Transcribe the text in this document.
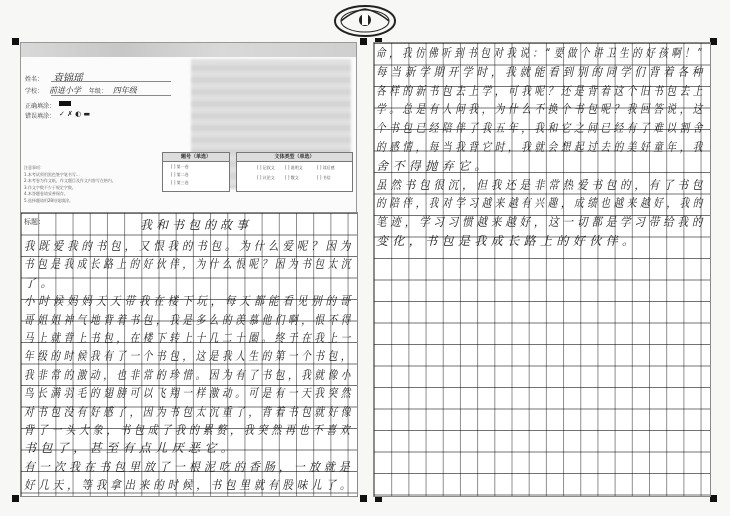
姓名： 袁锦瑶
学校： 前进小学 年级： 四年级
正确填涂：
错误填涂： ✓ ✗ ◐ ▬
注意事项：
1.本考试须用黑色签字笔书写...
2.本考卷为作文纸，作文题目及作文内容写在格内。
3.作文字数不少于规定字数。
4.本答题卷请妥善保存。
5.选择题请用2B铅笔填涂。
题号（单选）
[ ] 第一卷
[ ] 第二卷
[ ] 第三卷
文体类型（单选）
[ ] 记叙文	[ ] 说明文	[ ] 读后感
[ ] 议论文	[ ] 散文	[ ] 书信
标题：	我和书包的故事
我既爱我的书包，又恨我的书包。为什么爱呢？因为
书包是我成长路上的好伙伴，为什么恨呢？因为书包太沉
了。
小时候妈妈天天带我在楼下玩，每天都能看见别的哥
哥姐姐神气地背着书包，我是多么的羡慕他们啊，恨不得
马上就背上书包，在楼下转上十几二十圈。终于在我上一
年级的时候我有了一个书包，这是我人生的第一个书包，
我非常的激动，也非常的珍惜。因为有了书包，我就像小
鸟长满羽毛的翅膀可以飞翔一样激动。可是有一天我突然
对书包没有好感了，因为书包太沉重了，背着书包就好像
背了一头大象，书包成了我的累赘，我突然再也不喜欢
书包了，甚至有点儿厌恶它。
有一次我在书包里放了一根泥吃的香肠，一放就是
好几天，等我拿出来的时候，书包里就有股味儿了。
命，我仿佛听到书包对我说：“要做个讲卫生的好孩啊！”
每当新学期开学时，我就能看到别的同学们背着各种
各样的新书包去上学，可我呢？还是背着这个旧书包去上
学。总是有人问我，为什么不换个书包呢？我回答说，这
个书包已经陪伴了我五年，我和它之间已经有了难以割舍
的感情，每当我背它时，我就会想起过去的美好童年，我
舍不得抛弃它。
虽然书包很沉，但我还是非常热爱书包的，有了书包
的陪伴，我对学习越来越有兴趣，成绩也越来越好，我的
笔迹，学习习惯越来越好，这一切都是学习带给我的
变化，书包是我成长路上的好伙伴。
